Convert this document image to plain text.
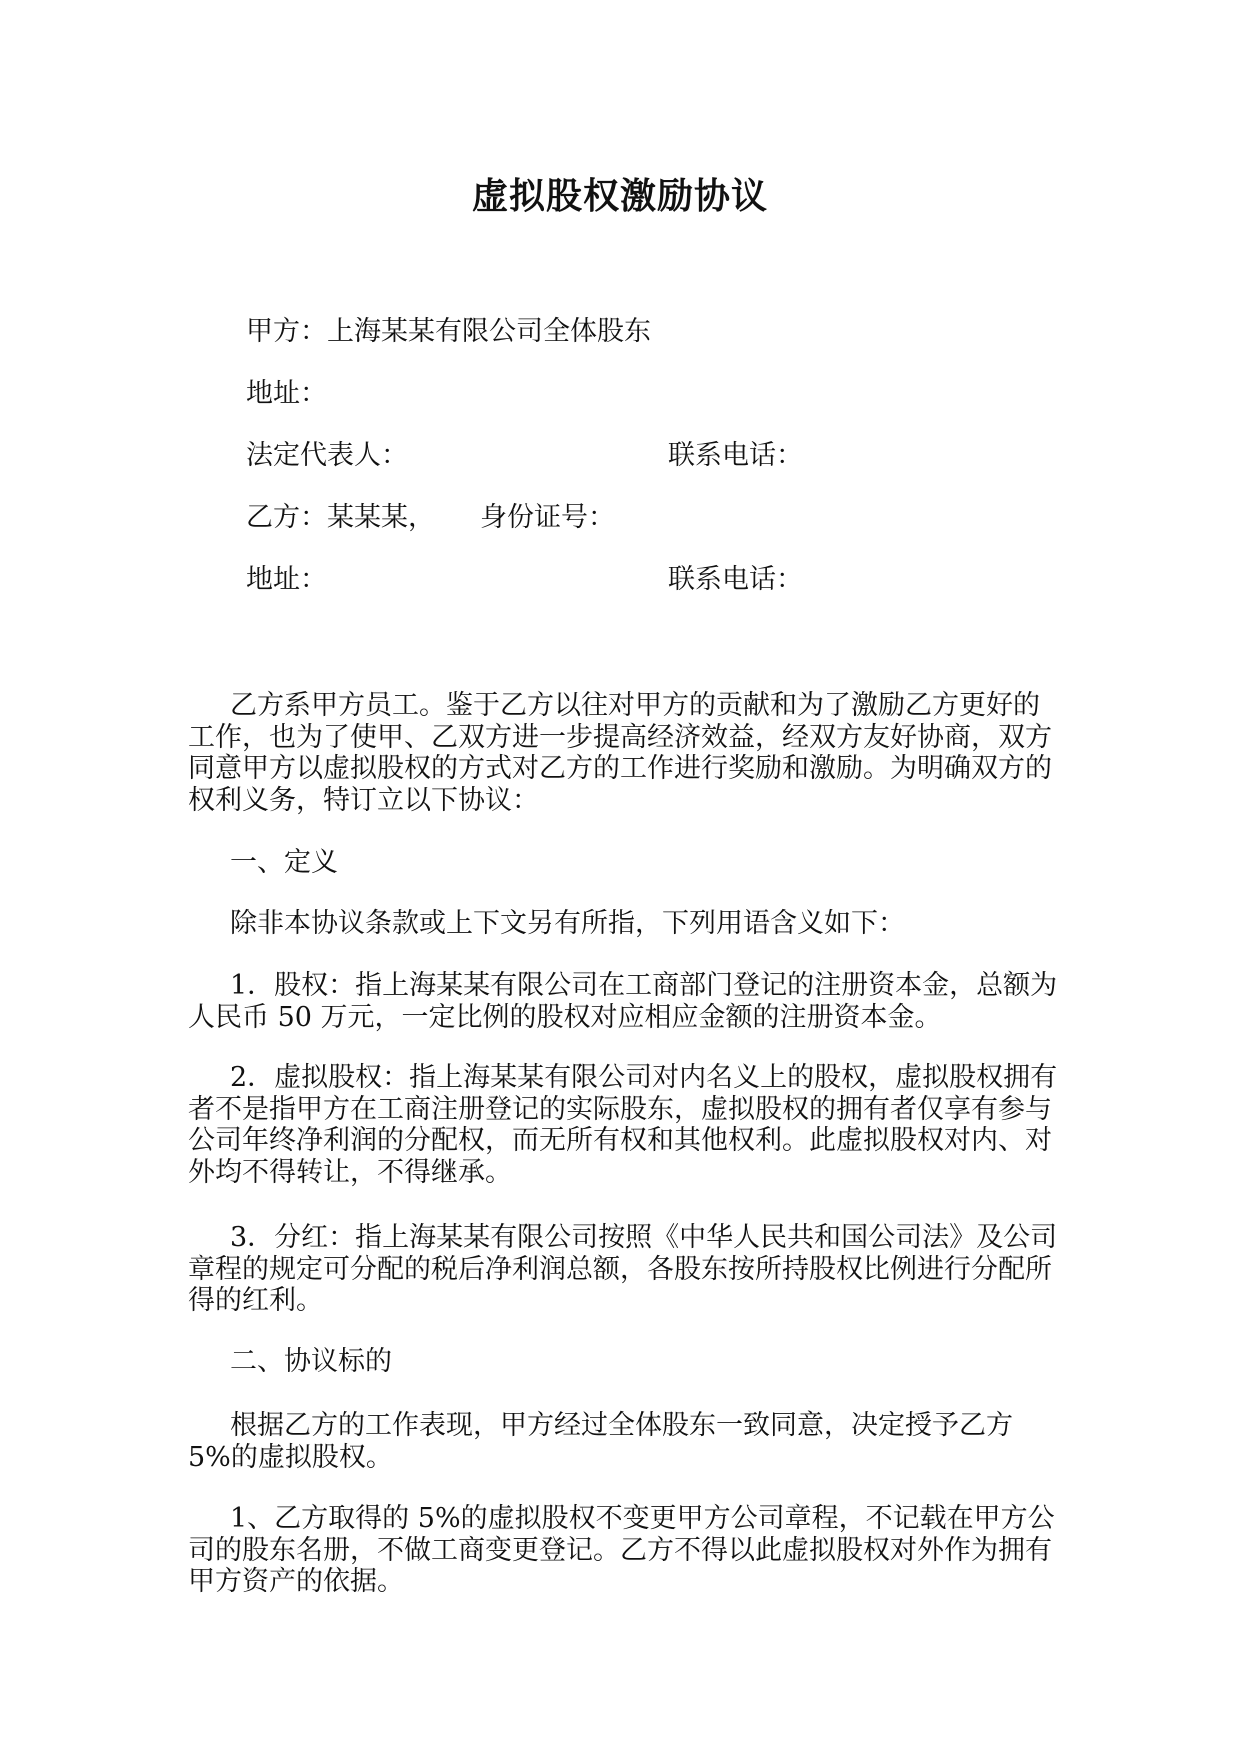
虚拟股权激励协议
甲方：上海某某有限公司全体股东
地址：
法定代表人：	联系电话：
乙方：某某某， 身份证号：
地址：	联系电话：

乙方系甲方员工。鉴于乙方以往对甲方的贡献和为了激励乙方更好的工作，也为了使甲、乙双方进一步提高经济效益，经双方友好协商，双方同意甲方以虚拟股权的方式对乙方的工作进行奖励和激励。为明确双方的权利义务，特订立以下协议：

一、定义

除非本协议条款或上下文另有所指，下列用语含义如下：

1．股权：指上海某某有限公司在工商部门登记的注册资本金，总额为人民币 50 万元，一定比例的股权对应相应金额的注册资本金。

2．虚拟股权：指上海某某有限公司对内名义上的股权，虚拟股权拥有者不是指甲方在工商注册登记的实际股东，虚拟股权的拥有者仅享有参与公司年终净利润的分配权，而无所有权和其他权利。此虚拟股权对内、对外均不得转让，不得继承。

3．分红：指上海某某有限公司按照《中华人民共和国公司法》及公司章程的规定可分配的税后净利润总额，各股东按所持股权比例进行分配所得的红利。

二、协议标的

根据乙方的工作表现，甲方经过全体股东一致同意，决定授予乙方 5%的虚拟股权。

1、乙方取得的 5%的虚拟股权不变更甲方公司章程，不记载在甲方公司的股东名册，不做工商变更登记。乙方不得以此虚拟股权对外作为拥有甲方资产的依据。
